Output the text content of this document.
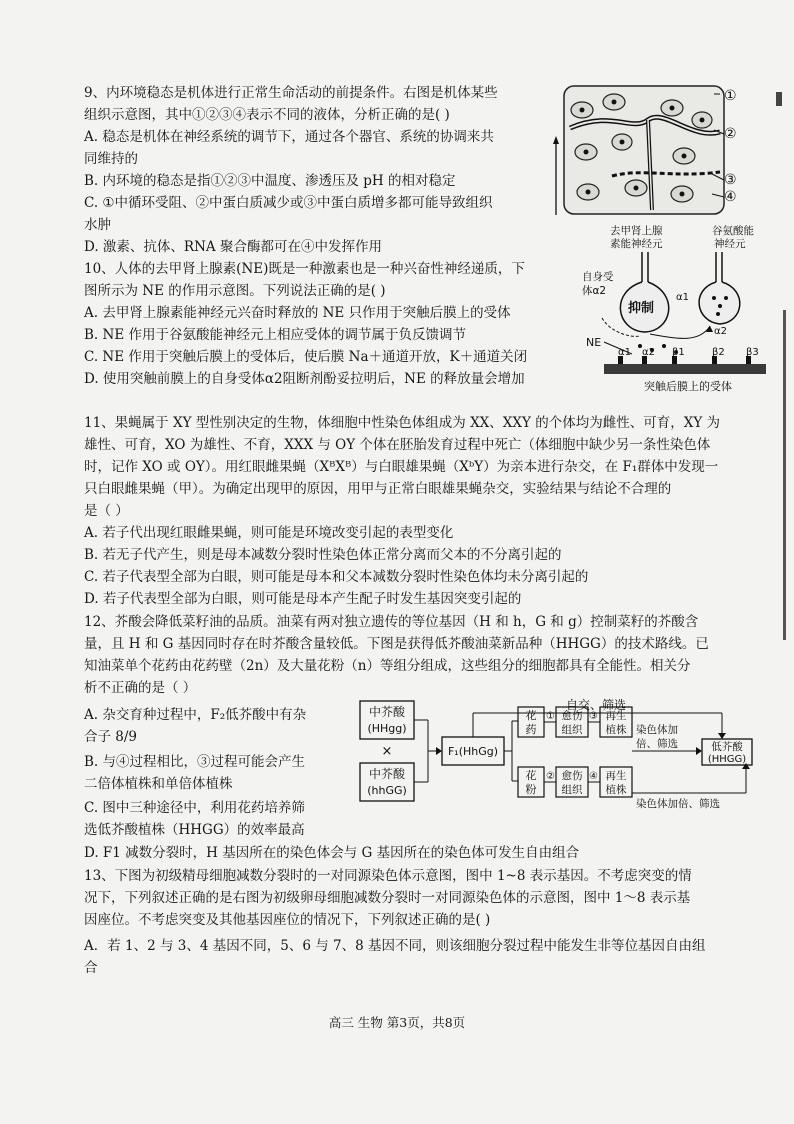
9、内环境稳态是机体进行正常生命活动的前提条件。右图是机体某些
组织示意图，其中①②③④表示不同的液体，分析正确的是( )
A. 稳态是机体在神经系统的调节下，通过各个器官、系统的协调来共
同维持的
B. 内环境的稳态是指①②③中温度、渗透压及 pH 的相对稳定
C. ①中循环受阻、②中蛋白质减少或③中蛋白质增多都可能导致组织
水肿
D. 激素、抗体、RNA 聚合酶都可在④中发挥作用
①
②
③
④
10、人体的去甲肾上腺素(NE)既是一种激素也是一种兴奋性神经递质，下
图所示为 NE 的作用示意图。下列说法正确的是( )
A. 去甲肾上腺素能神经元兴奋时释放的 NE 只作用于突触后膜上的受体
B. NE 作用于谷氨酸能神经元上相应受体的调节属于负反馈调节
C. NE 作用于突触后膜上的受体后，使后膜 Na＋通道开放，K＋通道关闭
D. 使用突触前膜上的自身受体α2阻断剂酚妥拉明后，NE 的释放量会增加
去甲肾上腺
素能神经元
谷氨酸能
神经元
抑制
自身受
体α2
α1
α2
NE
α1 α2 β1	β2 β3
突触后膜上的受体
11、果蝇属于 XY 型性别决定的生物，体细胞中性染色体组成为 XX、XXY 的个体均为雌性、可育，XY 为
雄性、可育，XO 为雄性、不育，XXX 与 OY 个体在胚胎发育过程中死亡（体细胞中缺少另一条性染色体
时，记作 XO 或 OY）。用红眼雌果蝇（XᴮXᴮ）与白眼雄果蝇（XᵇY）为亲本进行杂交，在 F₁群体中发现一
只白眼雌果蝇（甲）。为确定出现甲的原因，用甲与正常白眼雄果蝇杂交，实验结果与结论不合理的
是（ ）
A. 若子代出现红眼雌果蝇，则可能是环境改变引起的表型变化
B. 若无子代产生，则是母本减数分裂时性染色体正常分离而父本的不分离引起的
C. 若子代表型全部为白眼，则可能是母本和父本减数分裂时性染色体均未分离引起的
D. 若子代表型全部为白眼，则可能是母本产生配子时发生基因突变引起的
12、芥酸会降低菜籽油的品质。油菜有两对独立遗传的等位基因（H 和 h，G 和 g）控制菜籽的芥酸含
量，且 H 和 G 基因同时存在时芥酸含量较低。下图是获得低芥酸油菜新品种（HHGG）的技术路线。已
知油菜单个花药由花药壁（2n）及大量花粉（n）等组分组成，这些组分的细胞都具有全能性。相关分
析不正确的是（ ）
A. 杂交育种过程中，F₂低芥酸中有杂
合子 8/9
B. 与④过程相比，③过程可能会产生
二倍体植株和单倍体植株
C. 图中三种途径中，利用花药培养筛
选低芥酸植株（HHGG）的效率最高
D. F1 减数分裂时，H 基因所在的染色体会与 G 基因所在的染色体可发生自由组合
中芥酸
(HHgg)
×
中芥酸
(hhGG)
F₁(HhGg)
自交、筛选
花
药
花
粉
①
②
愈伤
组织
愈伤
组织
③
④
再生
植株
再生
植株
染色体加
倍、筛选
染色体加倍、筛选
低芥酸
(HHGG)
13、下图为初级精母细胞减数分裂时的一对同源染色体示意图，图中 1~8 表示基因。不考虑突变的情
况下，下列叙述正确的是右图为初级卵母细胞减数分裂时一对同源染色体的示意图，图中 1～8 表示基
因座位。不考虑突变及其他基因座位的情况下，下列叙述正确的是( )
A．若 1、2 与 3、4 基因不同，5、6 与 7、8 基因不同，则该细胞分裂过程中能发生非等位基因自由组
合
高三 生物 第3页，共8页
